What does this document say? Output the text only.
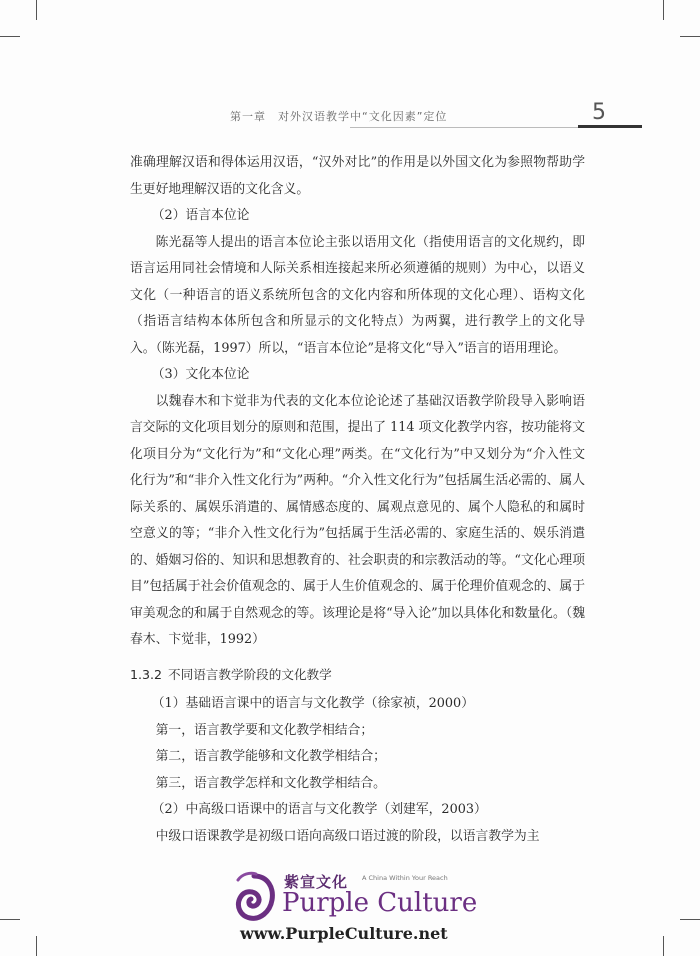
第一章　对外汉语教学中“文化因素”定位	5

准确理解汉语和得体运用汉语，“汉外对比”的作用是以外国文化为参照物帮助学生更好地理解汉语的文化含义。

（2）语言本位论

陈光磊等人提出的语言本位论主张以语用文化（指使用语言的文化规约，即语言运用同社会情境和人际关系相连接起来所必须遵循的规则）为中心，以语义文化（一种语言的语义系统所包含的文化内容和所体现的文化心理）、语构文化（指语言结构本体所包含和所显示的文化特点）为两翼，进行教学上的文化导入。（陈光磊，1997）所以，“语言本位论”是将文化“导入”语言的语用理论。

（3）文化本位论

以魏春木和卞觉非为代表的文化本位论论述了基础汉语教学阶段导入影响语言交际的文化项目划分的原则和范围，提出了 114 项文化教学内容，按功能将文化项目分为“文化行为”和“文化心理”两类。在“文化行为”中又划分为“介入性文化行为”和“非介入性文化行为”两种。“介入性文化行为”包括属生活必需的、属人际关系的、属娱乐消遣的、属情感态度的、属观点意见的、属个人隐私的和属时空意义的等；“非介入性文化行为”包括属于生活必需的、家庭生活的、娱乐消遣的、婚姻习俗的、知识和思想教育的、社会职责的和宗教活动的等。“文化心理项目”包括属于社会价值观念的、属于人生价值观念的、属于伦理价值观念的、属于审美观念的和属于自然观念的等。该理论是将“导入论”加以具体化和数量化。（魏春木、卞觉非，1992）

1.3.2 不同语言教学阶段的文化教学

（1）基础语言课中的语言与文化教学（徐家祯，2000）

第一，语言教学要和文化教学相结合；

第二，语言教学能够和文化教学相结合；

第三，语言教学怎样和文化教学相结合。

（2）中高级口语课中的语言与文化教学（刘建军，2003）

中级口语课教学是初级口语向高级口语过渡的阶段，以语言教学为主

紫宣文化 A China Within Your Reach
Purple Culture
www.PurpleCulture.net
